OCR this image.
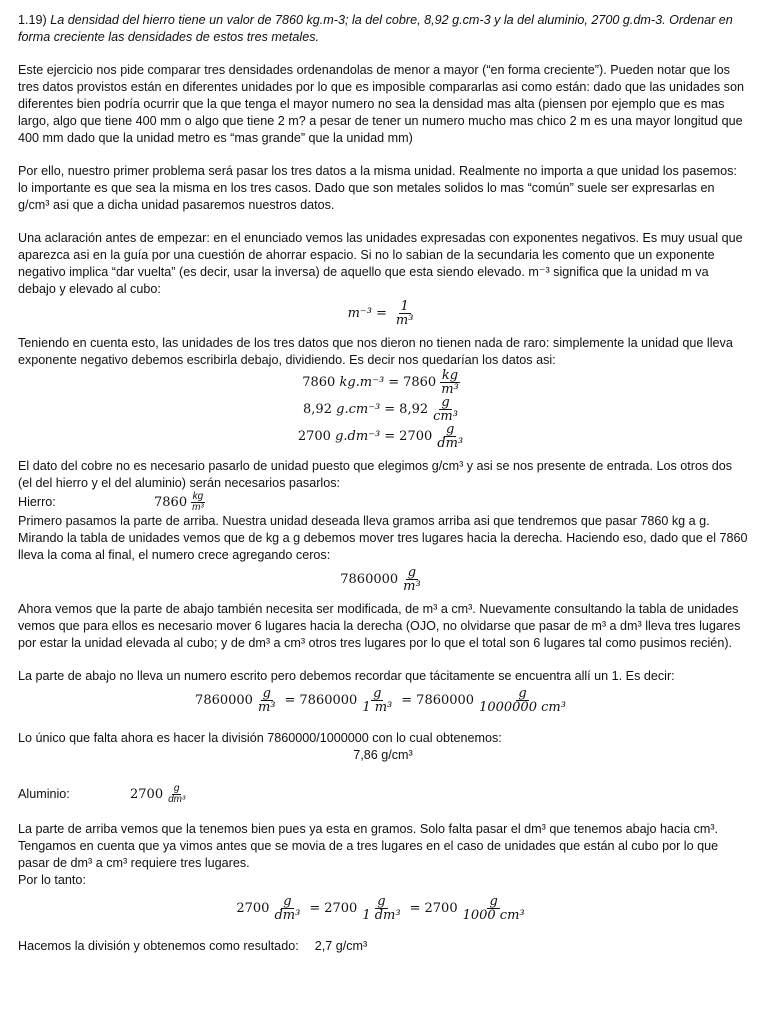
1.19) La densidad del hierro tiene un valor de 7860 kg.m-3; la del cobre, 8,92 g.cm-3 y la del aluminio, 2700 g.dm-3. Ordenar en forma creciente las densidades de estos tres metales.

Este ejercicio nos pide comparar tres densidades ordenandolas de menor a mayor (“en forma creciente”). Pueden notar que los tres datos provistos están en diferentes unidades por lo que es imposible compararlas asi como están: dado que las unidades son diferentes bien podría ocurrir que la que tenga el mayor numero no sea la densidad mas alta (piensen por ejemplo que es mas largo, algo que tiene 400 mm o algo que tiene 2 m? a pesar de tener un numero mucho mas chico 2 m es una mayor longitud que 400 mm dado que la unidad metro es “mas grande” que la unidad mm)

Por ello, nuestro primer problema será pasar los tres datos a la misma unidad. Realmente no importa a que unidad los pasemos: lo importante es que sea la misma en los tres casos. Dado que son metales solidos lo mas “común” suele ser expresarlas en g/cm³ asi que a dicha unidad pasaremos nuestros datos.

Una aclaración antes de empezar: en el enunciado vemos las unidades expresadas con exponentes negativos. Es muy usual que aparezca asi en la guía por una cuestión de ahorrar espacio. Si no lo sabian de la secundaria les comento que un exponente negativo implica “dar vuelta” (es decir, usar la inversa) de aquello que esta siendo elevado. m⁻³ significa que la unidad m va debajo y elevado al cubo:

$m^{-3} = \frac{1}{\text{m³}}$

Teniendo en cuenta esto, las unidades de los tres datos que nos dieron no tienen nada de raro: simplemente la unidad que lleva exponente negativo debemos escribirla debajo, dividiendo. Es decir nos quedarían los datos asi:

7860
$kg.m^{-3} = 7860 \frac{kg}{\text{m³}}$
8,92
$g.cm^{-3} = 8,92 \frac{g}{\text{cm³}}$
2700
$g.dm^{-3} = 2700 \frac{g}{\text{dm³}}$

El dato del cobre no es necesario pasarlo de unidad puesto que elegimos g/cm³ y asi se nos presente de entrada. Los otros dos (el del hierro y el del aluminio) serán necesarios pasarlos:

Hierro:	$7860 \frac{kg}{\text{m³}}$

Primero pasamos la parte de arriba. Nuestra unidad deseada lleva gramos arriba asi que tendremos que pasar 7860 kg a g. Mirando la tabla de unidades vemos que de kg a g debemos mover tres lugares hacia la derecha. Haciendo eso, dado que el 7860 lleva la coma al final, el numero crece agregando ceros:

$7860000 \frac{g}{\text{m³}}$

Ahora vemos que la parte de abajo también necesita ser modificada, de m³ a cm³. Nuevamente consultando la tabla de unidades vemos que para ellos es necesario mover 6 lugares hacia la derecha (OJO, no olvidarse que pasar de m³ a dm³ lleva tres lugares por estar la unidad elevada al cubo; y de dm³ a cm³ otros tres lugares por lo que el total son 6 lugares tal como pusimos recién).

La parte de abajo no lleva un numero escrito pero debemos recordar que tácitamente se encuentra allí un 1. Es decir:

$7860000 \frac{g}{\text{m³}} = 7860000 \frac{g}{\text{1 m³}} = 7860000 \frac{g}{\text{1000000 cm³}}$

Lo único que falta ahora es hacer la división 7860000/1000000 con lo cual obtenemos:

7,86 g/cm³

Aluminio:	$2700 \frac{g}{\text{dm³}}$

La parte de arriba vemos que la tenemos bien pues ya esta en gramos. Solo falta pasar el dm³ que tenemos abajo hacia cm³. Tengamos en cuenta que ya vimos antes que se movia de a tres lugares en el caso de unidades que están al cubo por lo que pasar de dm³ a cm³ requiere tres lugares.

Por lo tanto:

$2700 \frac{g}{\text{dm³}} = 2700 \frac{g}{\text{1 dm³}} = 2700 \frac{g}{\text{1000 cm³}}$
Hacemos la división y obtenemos como resultado: 2,7 g/cm³
